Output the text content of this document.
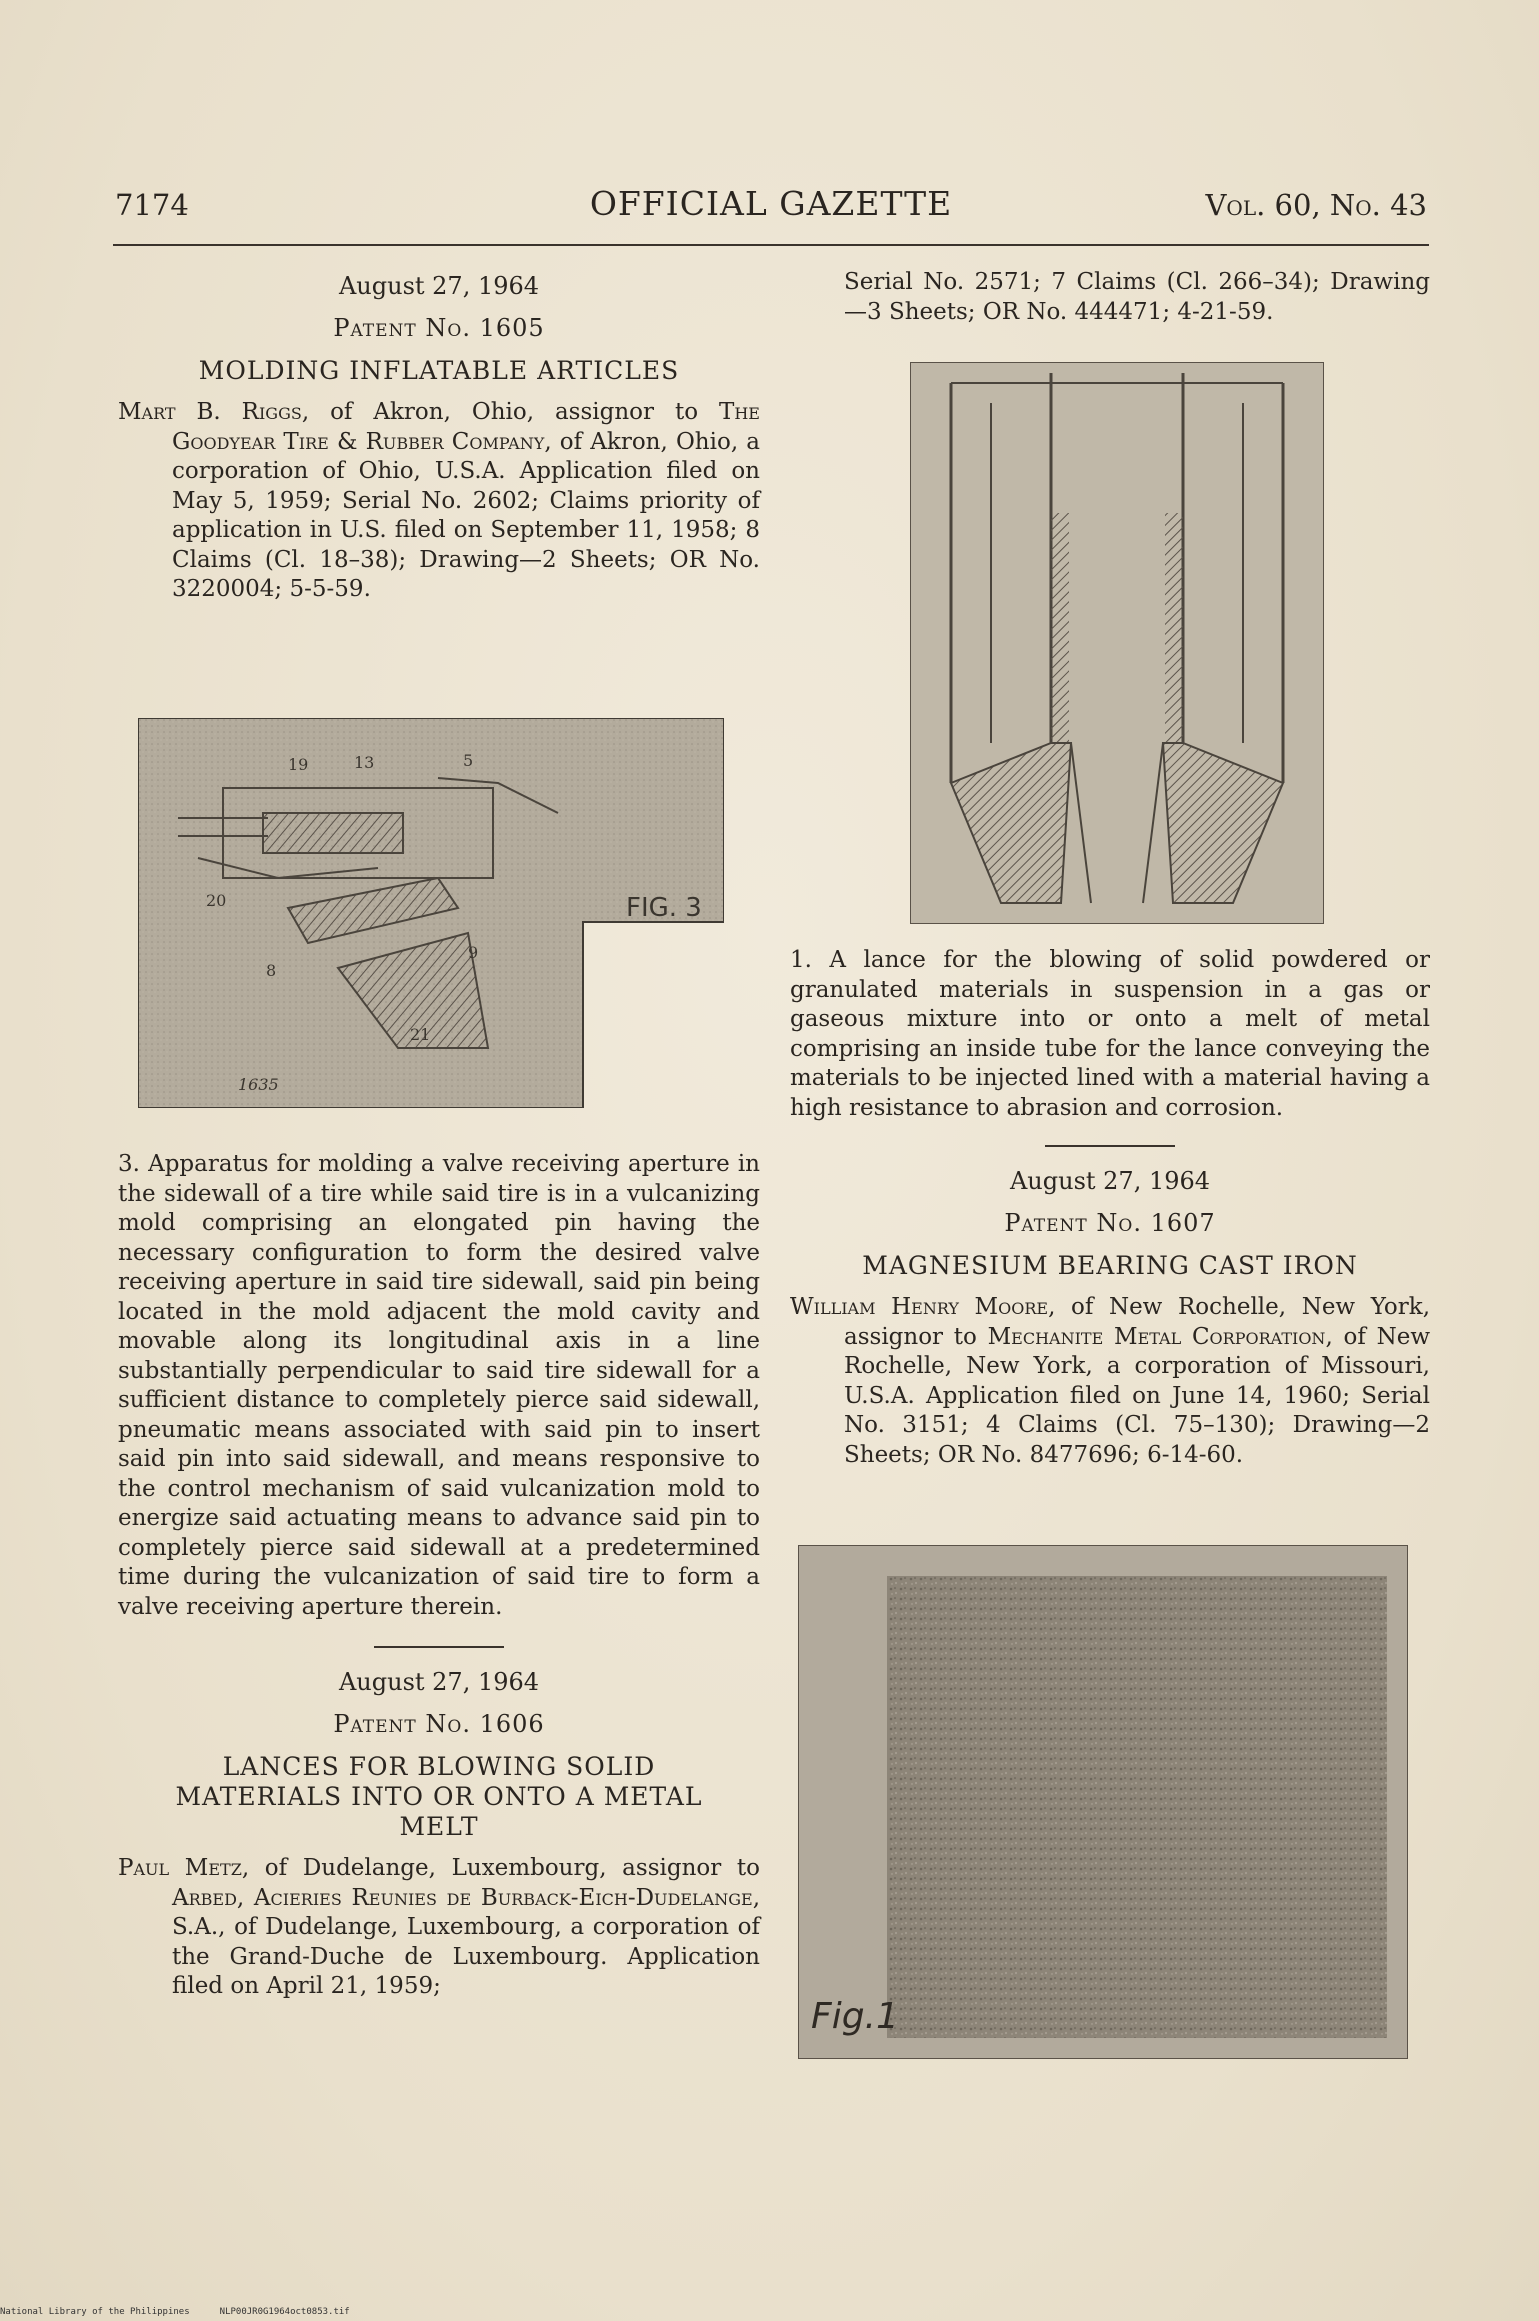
7174	OFFICIAL GAZETTE	Vol. 60, No. 43
August 27, 1964
Patent No. 1605
MOLDING INFLATABLE ARTICLES
Mart B. Riggs, of Akron, Ohio, assignor to The Goodyear Tire & Rubber Company, of Akron, Ohio, a corporation of Ohio, U.S.A. Application filed on May 5, 1959; Serial No. 2602; Claims priority of application in U.S. filed on September 11, 1958; 8 Claims (Cl. 18–38); Drawing—2 Sheets; OR No. 3220004; 5-5-59.
19	13	5
20
8
21
9
FIG. 3
1635
3. Apparatus for molding a valve receiving aperture in the sidewall of a tire while said tire is in a vulcanizing mold comprising an elongated pin having the necessary configuration to form the desired valve receiving aperture in said tire sidewall, said pin being located in the mold adjacent the mold cavity and movable along its longitudinal axis in a line substantially perpendicular to said tire sidewall for a sufficient distance to completely pierce said sidewall, pneumatic means associated with said pin to insert said pin into said sidewall, and means responsive to the control mechanism of said vulcanization mold to energize said actuating means to advance said pin to completely pierce said sidewall at a predetermined time during the vulcanization of said tire to form a valve receiving aperture therein.
August 27, 1964
Patent No. 1606
LANCES FOR BLOWING SOLID MATERIALS INTO OR ONTO A METAL MELT
Paul Metz, of Dudelange, Luxembourg, assignor to Arbed, Acieries Reunies de Burback-Eich-Dudelange, S.A., of Dudelange, Luxembourg, a corporation of the Grand-Duche de Luxembourg. Application filed on April 21, 1959;
Serial No. 2571; 7 Claims (Cl. 266–34); Drawing—3 Sheets; OR No. 444471; 4-21-59.
1. A lance for the blowing of solid powdered or granulated materials in suspension in a gas or gaseous mixture into or onto a melt of metal comprising an inside tube for the lance conveying the materials to be injected lined with a material having a high resistance to abrasion and corrosion.
August 27, 1964
Patent No. 1607
MAGNESIUM BEARING CAST IRON
William Henry Moore, of New Rochelle, New York, assignor to Mechanite Metal Corporation, of New Rochelle, New York, a corporation of Missouri, U.S.A. Application filed on June 14, 1960; Serial No. 3151; 4 Claims (Cl. 75–130); Drawing—2 Sheets; OR No. 8477696; 6-14-60.
Fig.1
National Library of the Philippines	NLP00JR0G1964oct0853.tif
